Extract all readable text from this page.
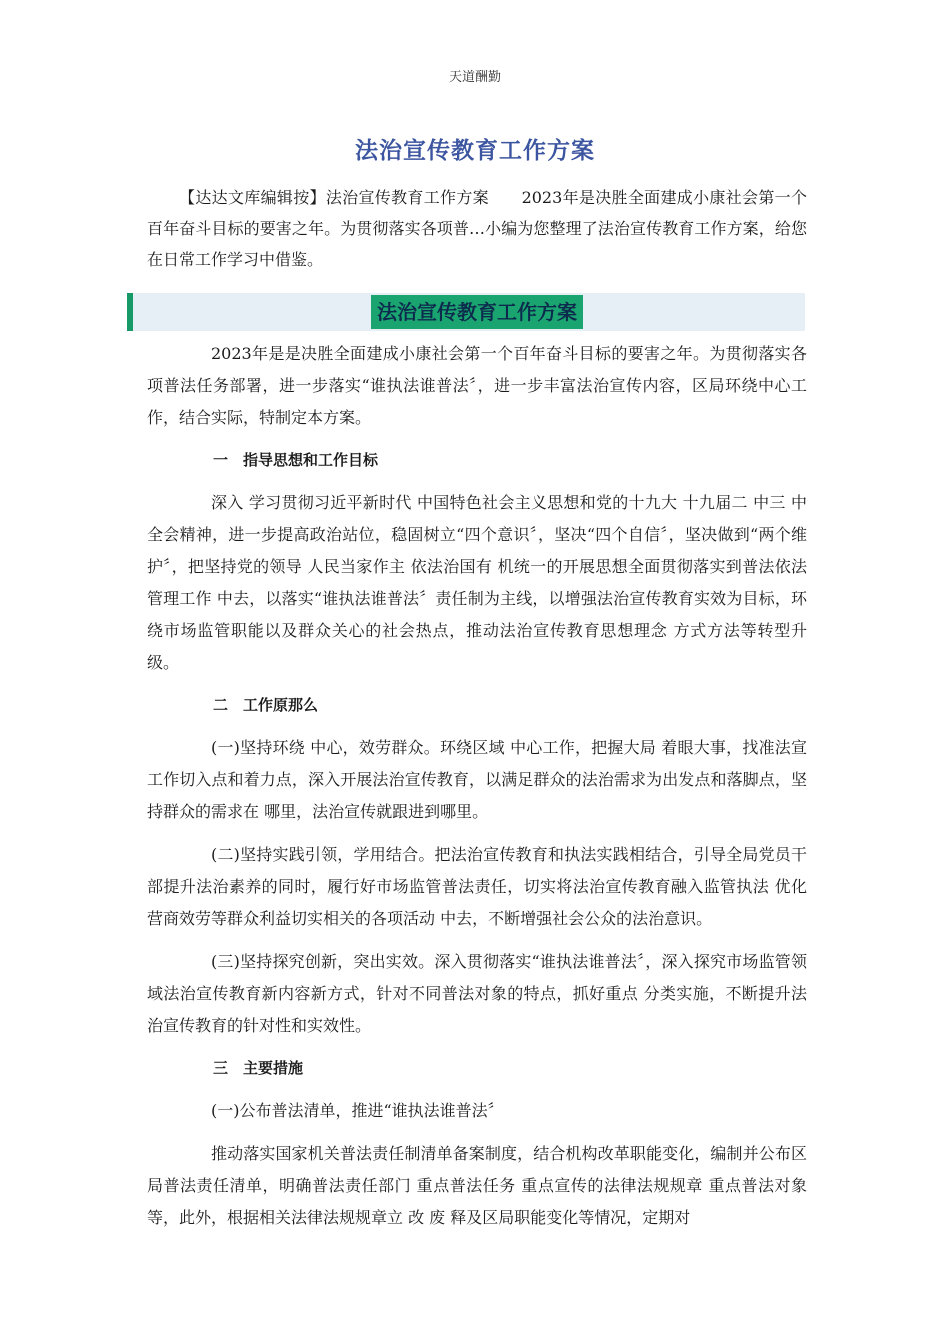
天道酬勤
法治宣传教育工作方案

【达达文库编辑按】法治宣传教育工作方案　　2023年是决胜全面建成小康社会第一个百年奋斗目标的要害之年。为贯彻落实各项普…小编为您整理了法治宣传教育工作方案，给您在日常工作学习中借鉴。

法治宣传教育工作方案

2023年是是决胜全面建成小康社会第一个百年奋斗目标的要害之年。为贯彻落实各项普法任务部署，进一步落实“谁执法谁普法〞，进一步丰富法治宣传内容，区局环绕中心工作，结合实际，特制定本方案。

一　指导思想和工作目标

深入 学习贯彻习近平新时代 中国特色社会主义思想和党的十九大 十九届二 中三 中全会精神，进一步提高政治站位，稳固树立“四个意识〞，坚决“四个自信〞，坚决做到“两个维护〞，把坚持党的领导 人民当家作主 依法治国有 机统一的开展思想全面贯彻落实到普法依法管理工作 中去，以落实“谁执法谁普法〞责任制为主线，以增强法治宣传教育实效为目标，环绕市场监管职能以及群众关心的社会热点，推动法治宣传教育思想理念 方式方法等转型升级。

二　工作原那么

(一)坚持环绕 中心，效劳群众。环绕区域 中心工作，把握大局 着眼大事，找准法宣工作切入点和着力点，深入开展法治宣传教育，以满足群众的法治需求为出发点和落脚点，坚持群众的需求在 哪里，法治宣传就跟进到哪里。

(二)坚持实践引领，学用结合。把法治宣传教育和执法实践相结合，引导全局党员干部提升法治素养的同时，履行好市场监管普法责任，切实将法治宣传教育融入监管执法 优化营商效劳等群众利益切实相关的各项活动 中去，不断增强社会公众的法治意识。

(三)坚持探究创新，突出实效。深入贯彻落实“谁执法谁普法〞，深入探究市场监管领域法治宣传教育新内容新方式，针对不同普法对象的特点，抓好重点 分类实施，不断提升法治宣传教育的针对性和实效性。

三　主要措施

(一)公布普法清单，推进“谁执法谁普法〞

推动落实国家机关普法责任制清单备案制度，结合机构改革职能变化，编制并公布区局普法责任清单，明确普法责任部门 重点普法任务 重点宣传的法律法规规章 重点普法对象等，此外，根据相关法律法规规章立 改 废 释及区局职能变化等情况，定期对
